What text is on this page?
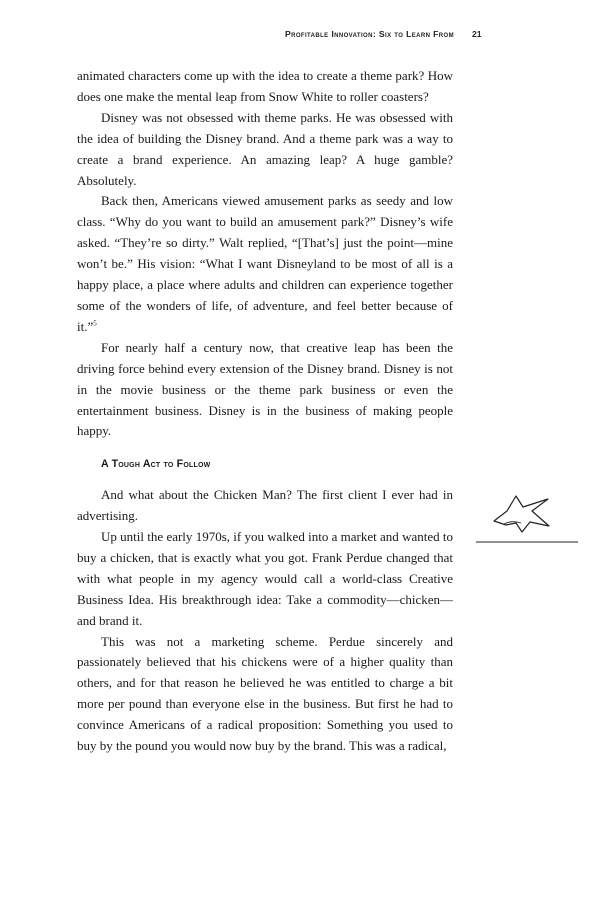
Profitable Innovation: Six to Learn From 21

animated characters come up with the idea to create a theme park? How does one make the mental leap from Snow White to roller coasters?

Disney was not obsessed with theme parks. He was obsessed with the idea of building the Disney brand. And a theme park was a way to create a brand experience. An amazing leap? A huge gamble? Absolutely.

Back then, Americans viewed amusement parks as seedy and low class. “Why do you want to build an amusement park?” Disney’s wife asked. “They’re so dirty.” Walt replied, “[That’s] just the point—mine won’t be.” His vision: “What I want Disneyland to be most of all is a happy place, a place where adults and children can experience together some of the wonders of life, of adventure, and feel better because of it.”$^5$

For nearly half a century now, that creative leap has been the driving force behind every extension of the Disney brand. Disney is not in the movie business or the theme park business or even the entertainment business. Disney is in the business of making people happy.

A Tough Act to Follow

And what about the Chicken Man? The first client I ever had in advertising.

Up until the early 1970s, if you walked into a market and wanted to buy a chicken, that is exactly what you got. Frank Perdue changed that with what people in my agency would call a world-class Creative Business Idea. His breakthrough idea: Take a commodity—chicken—and brand it.

This was not a marketing scheme. Perdue sincerely and passionately believed that his chickens were of a higher quality than others, and for that reason he believed he was entitled to charge a bit more per pound than everyone else in the business. But first he had to convince Americans of a radical proposition: Something you used to buy by the pound you would now buy by the brand. This was a radical,
